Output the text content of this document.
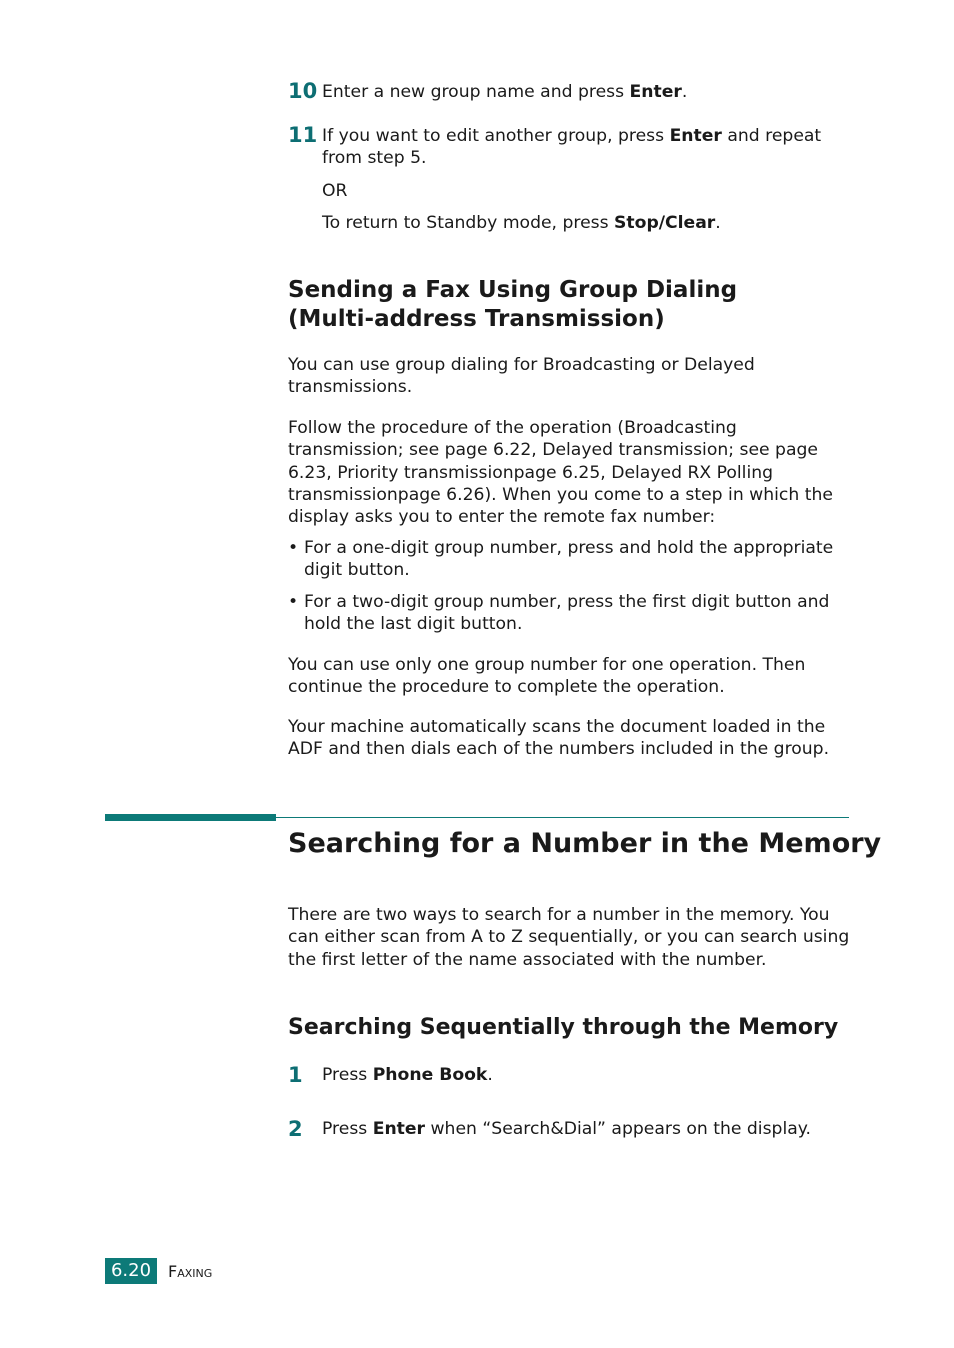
10 Enter a new group name and press Enter.
11 If you want to edit another group, press Enter and repeat from step 5.
OR
To return to Standby mode, press Stop/Clear.
Sending a Fax Using Group Dialing
(Multi-address Transmission)
You can use group dialing for Broadcasting or Delayed transmissions.
Follow the procedure of the operation (Broadcasting transmission; see page 6.22, Delayed transmission; see page 6.23, Priority transmissionpage 6.25, Delayed RX Polling transmissionpage 6.26). When you come to a step in which the display asks you to enter the remote fax number:
• For a one-digit group number, press and hold the appropriate digit button.
• For a two-digit group number, press the first digit button and hold the last digit button.
You can use only one group number for one operation. Then continue the procedure to complete the operation.
Your machine automatically scans the document loaded in the ADF and then dials each of the numbers included in the group.
Searching for a Number in the Memory
There are two ways to search for a number in the memory. You can either scan from A to Z sequentially, or you can search using the first letter of the name associated with the number.
Searching Sequentially through the Memory
1 Press Phone Book.
2 Press Enter when “Search&Dial” appears on the display.
6.20	Faxing
